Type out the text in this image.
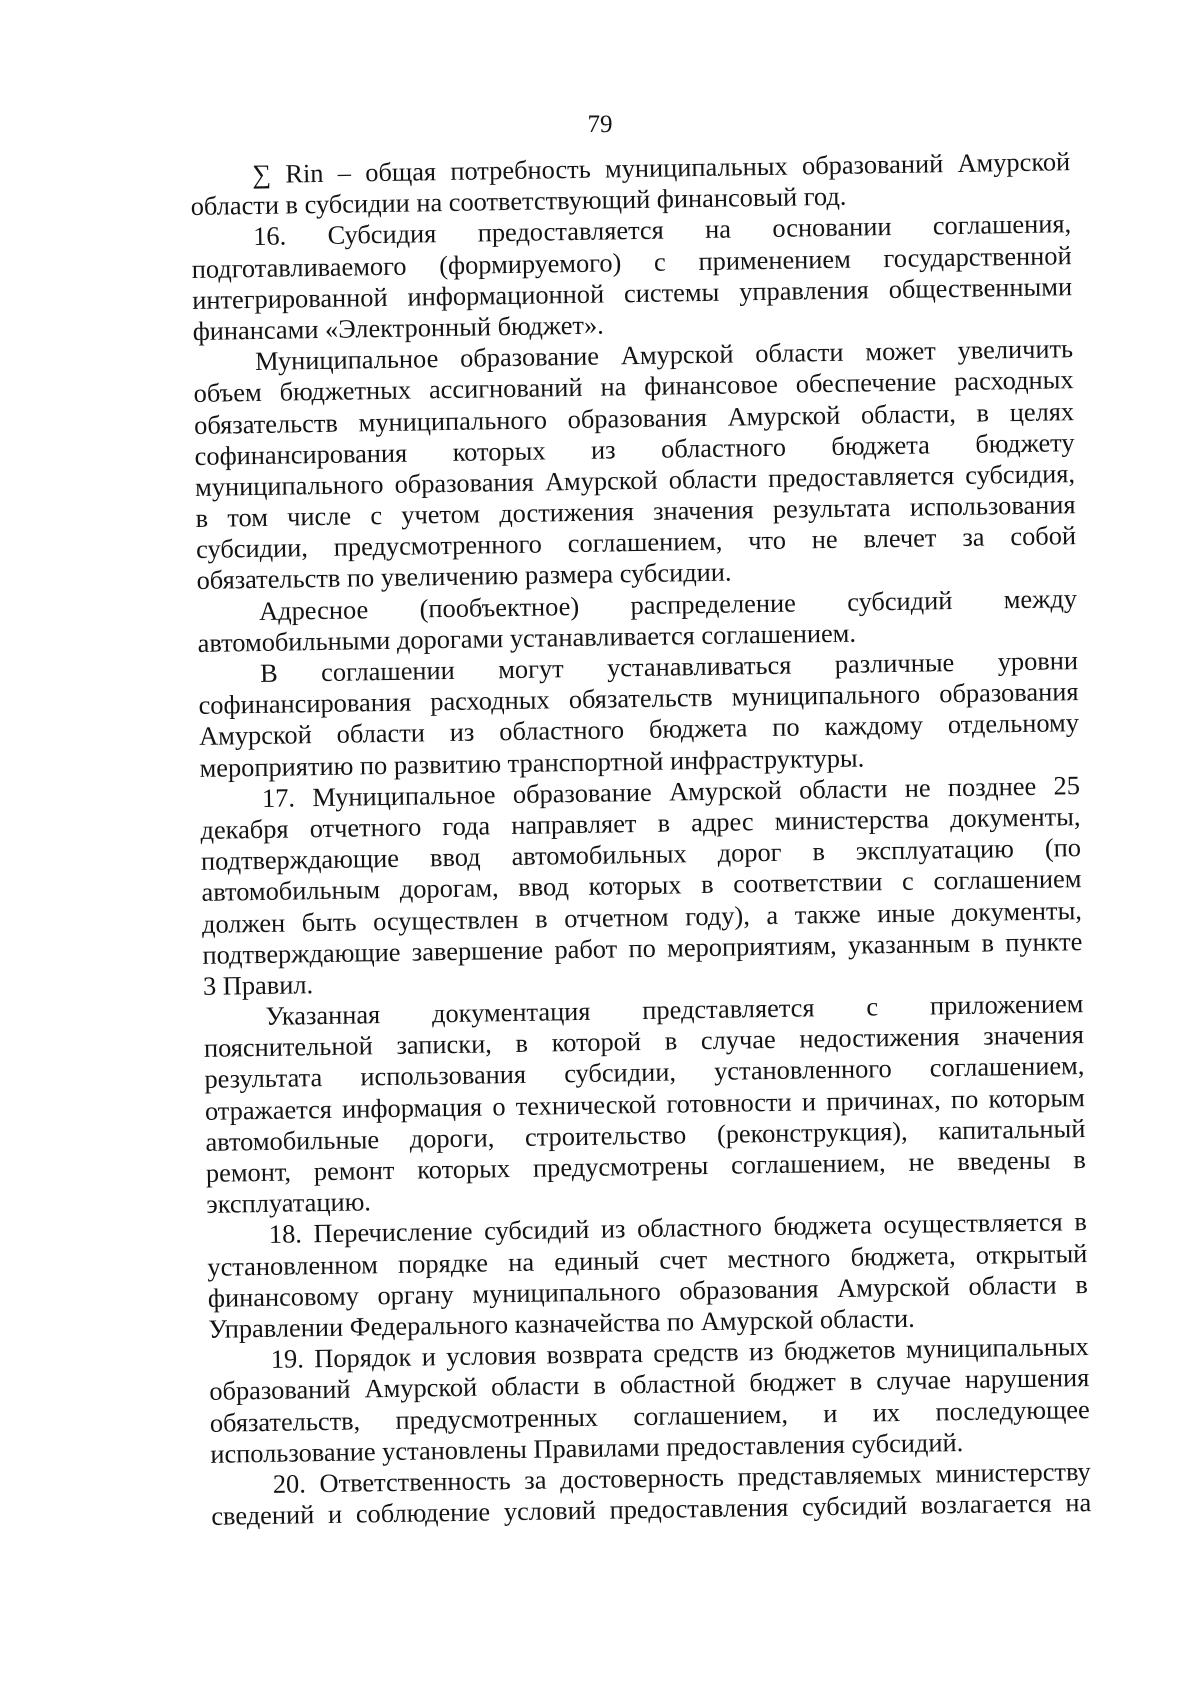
79
∑ Rin – общая потребность муниципальных образований Амурской
области в субсидии на соответствующий финансовый год.
16. Субсидия предоставляется на основании соглашения,
подготавливаемого (формируемого) с применением государственной
интегрированной информационной системы управления общественными
финансами «Электронный бюджет».
Муниципальное образование Амурской области может увеличить
объем бюджетных ассигнований на финансовое обеспечение расходных
обязательств муниципального образования Амурской области, в целях
софинансирования которых из областного бюджета бюджету
муниципального образования Амурской области предоставляется субсидия,
в том числе с учетом достижения значения результата использования
субсидии, предусмотренного соглашением, что не влечет за собой
обязательств по увеличению размера субсидии.
Адресное (пообъектное) распределение субсидий между
автомобильными дорогами устанавливается соглашением.
В соглашении могут устанавливаться различные уровни
софинансирования расходных обязательств муниципального образования
Амурской области из областного бюджета по каждому отдельному
мероприятию по развитию транспортной инфраструктуры.
17. Муниципальное образование Амурской области не позднее 25
декабря отчетного года направляет в адрес министерства документы,
подтверждающие ввод автомобильных дорог в эксплуатацию (по
автомобильным дорогам, ввод которых в соответствии с соглашением
должен быть осуществлен в отчетном году), а также иные документы,
подтверждающие завершение работ по мероприятиям, указанным в пункте
3 Правил.
Указанная документация представляется с приложением
пояснительной записки, в которой в случае недостижения значения
результата использования субсидии, установленного соглашением,
отражается информация о технической готовности и причинах, по которым
автомобильные дороги, строительство (реконструкция), капитальный
ремонт, ремонт которых предусмотрены соглашением, не введены в
эксплуатацию.
18. Перечисление субсидий из областного бюджета осуществляется в
установленном порядке на единый счет местного бюджета, открытый
финансовому органу муниципального образования Амурской области в
Управлении Федерального казначейства по Амурской области.
19. Порядок и условия возврата средств из бюджетов муниципальных
образований Амурской области в областной бюджет в случае нарушения
обязательств, предусмотренных соглашением, и их последующее
использование установлены Правилами предоставления субсидий.
20. Ответственность за достоверность представляемых министерству
сведений и соблюдение условий предоставления субсидий возлагается на
